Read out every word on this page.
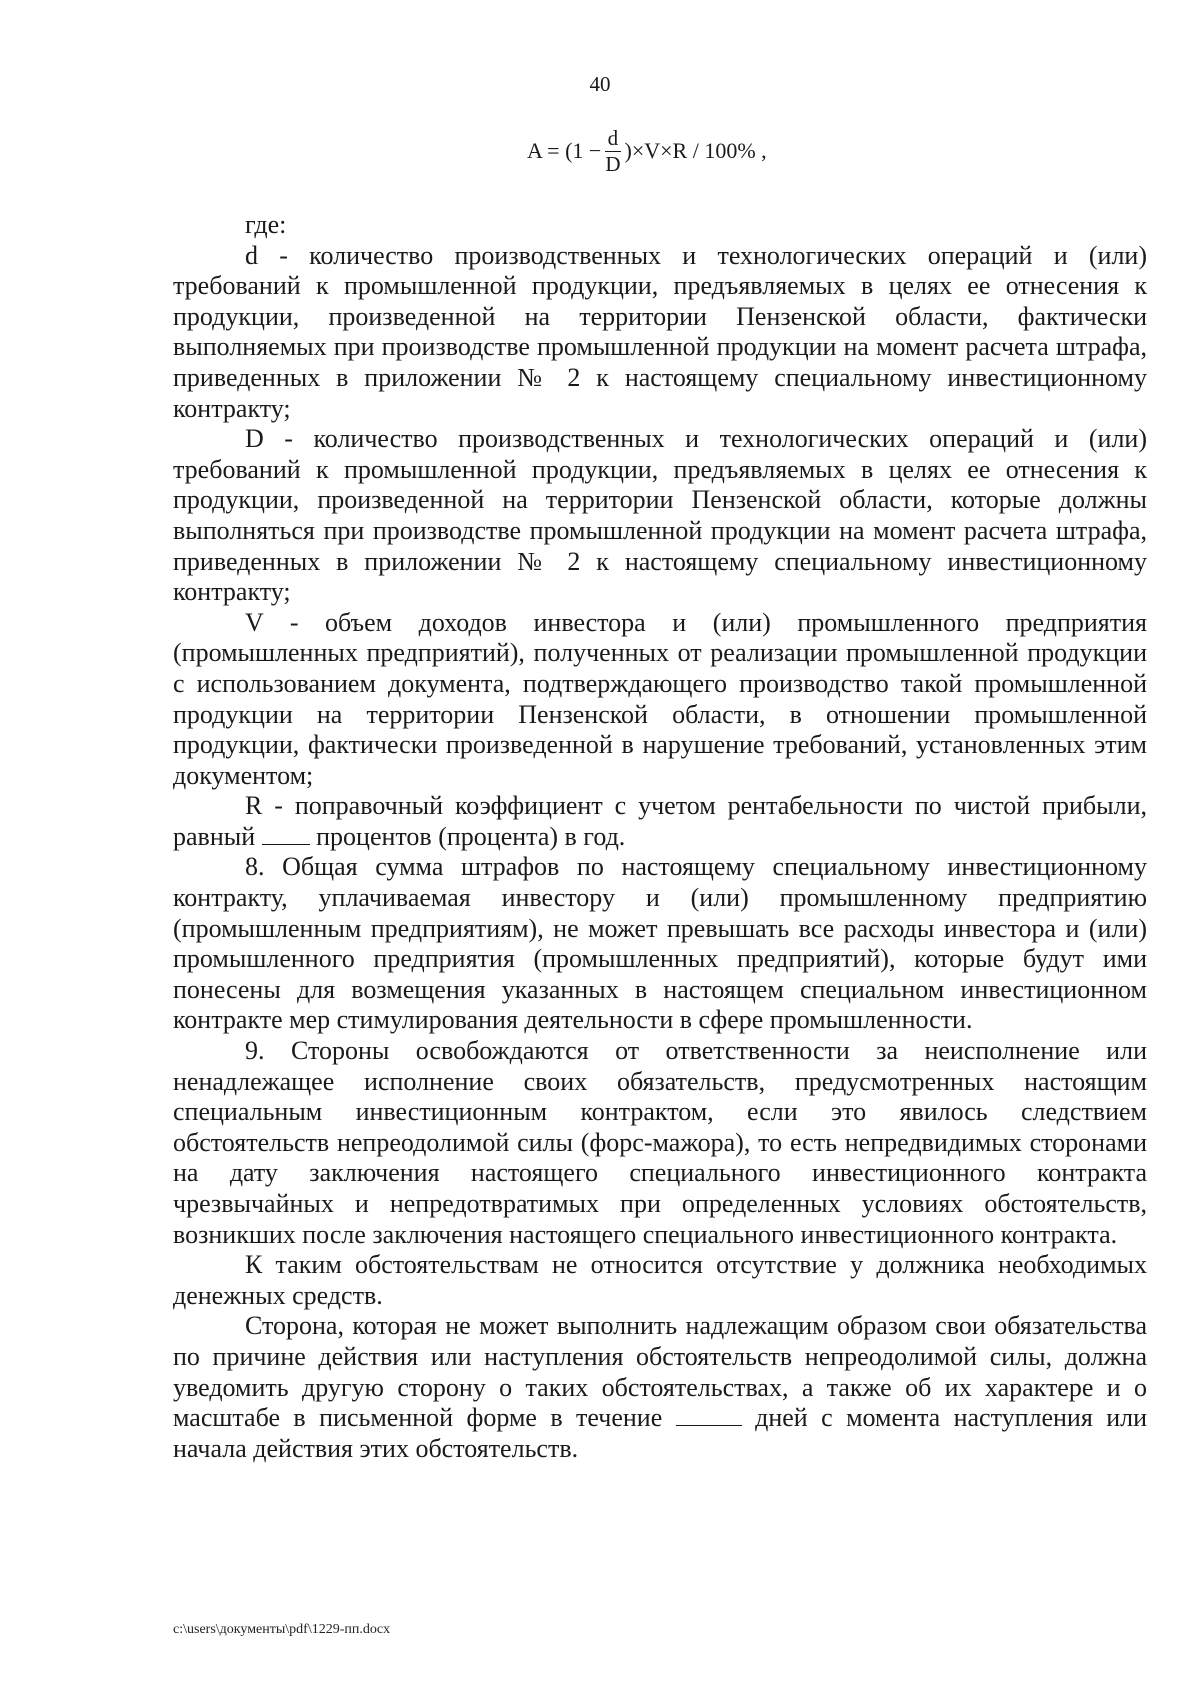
40
$A = (1 - \frac{d}{D} )\times V\times R / 100\%$ ,

где:

d - количество производственных и технологических операций и (или) требований к промышленной продукции, предъявляемых в целях ее отнесения к продукции, произведенной на территории Пензенской области, фактически выполняемых при производстве промышленной продукции на момент расчета штрафа, приведенных в приложении № 2 к настоящему специальному инвестиционному контракту;

D - количество производственных и технологических операций и (или) требований к промышленной продукции, предъявляемых в целях ее отнесения к продукции, произведенной на территории Пензенской области, которые должны выполняться при производстве промышленной продукции на момент расчета штрафа, приведенных в приложении № 2 к настоящему специальному инвестиционному контракту;

V - объем доходов инвестора и (или) промышленного предприятия (промышленных предприятий), полученных от реализации промышленной продукции с использованием документа, подтверждающего производство такой промышленной продукции на территории Пензенской области, в отношении промышленной продукции, фактически произведенной в нарушение требований, установленных этим документом;

R - поправочный коэффициент с учетом рентабельности по чистой прибыли, равный процентов (процента) в год.

8. Общая сумма штрафов по настоящему специальному инвестиционному контракту, уплачиваемая инвестору и (или) промышленному предприятию (промышленным предприятиям), не может превышать все расходы инвестора и (или) промышленного предприятия (промышленных предприятий), которые будут ими понесены для возмещения указанных в настоящем специальном инвестиционном контракте мер стимулирования деятельности в сфере промышленности.

9. Стороны освобождаются от ответственности за неисполнение или ненадлежащее исполнение своих обязательств, предусмотренных настоящим специальным инвестиционным контрактом, если это явилось следствием обстоятельств непреодолимой силы (форс-мажора), то есть непредвидимых сторонами на дату заключения настоящего специального инвестиционного контракта чрезвычайных и непредотвратимых при определенных условиях обстоятельств, возникших после заключения настоящего специального инвестиционного контракта.

К таким обстоятельствам не относится отсутствие у должника необходимых денежных средств.

Сторона, которая не может выполнить надлежащим образом свои обязательства по причине действия или наступления обстоятельств непреодолимой силы, должна уведомить другую сторону о таких обстоятельствах, а также об их характере и о масштабе в письменной форме в течение	дней с момента наступления или начала действия этих обстоятельств.

c:\users\документы\pdf\1229-пп.docx
